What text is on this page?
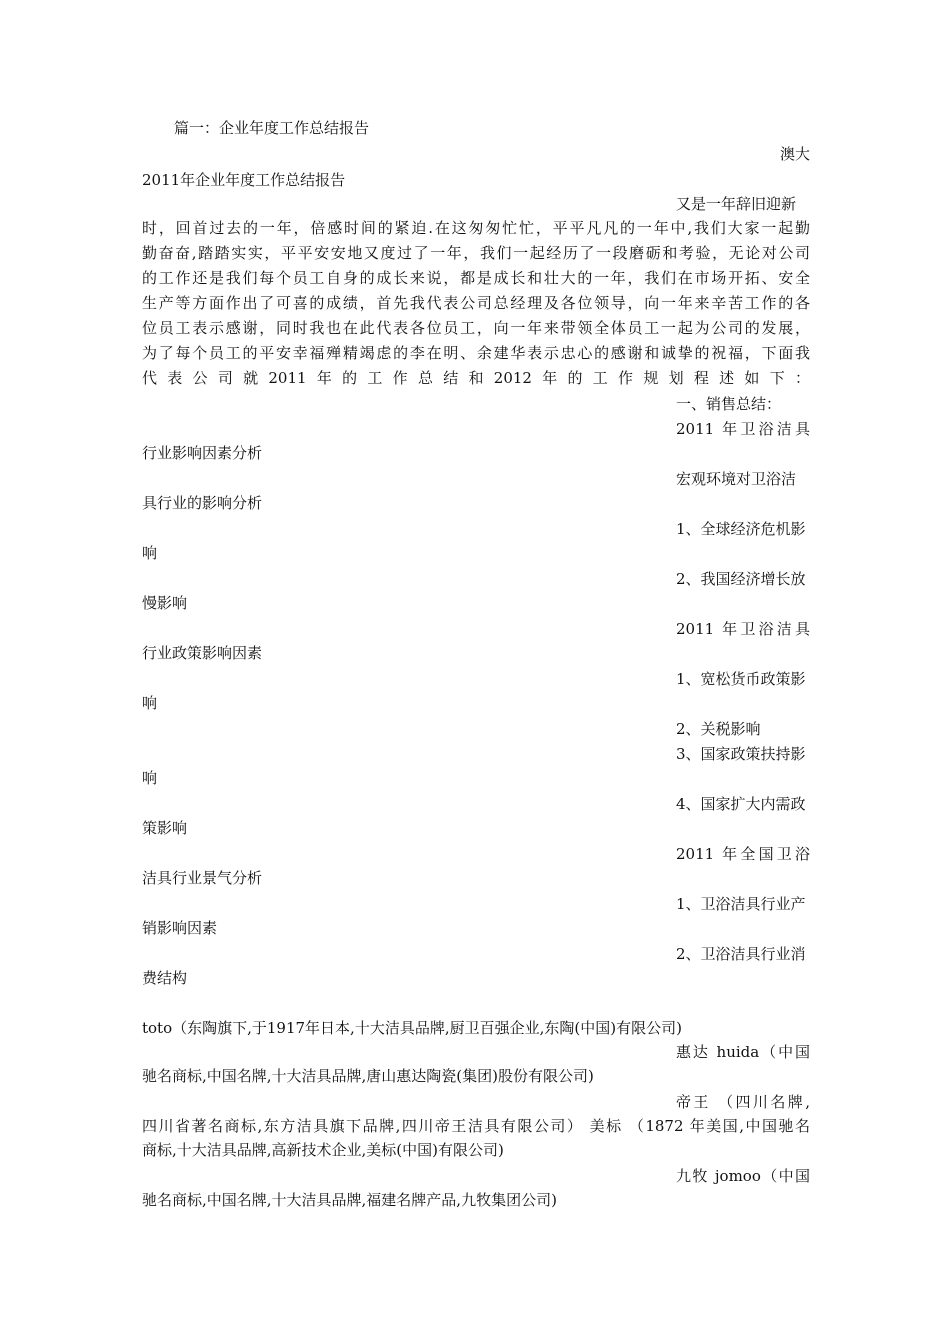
篇一：企业年度工作总结报告
澳大
2011年企业年度工作总结报告
又是一年辞旧迎新
时，回首过去的一年，倍感时间的紧迫.在这匆匆忙忙，平平凡凡的一年中,我们大家一起勤
勤奋奋,踏踏实实，平平安安地又度过了一年，我们一起经历了一段磨砺和考验，无论对公司
的工作还是我们每个员工自身的成长来说，都是成长和壮大的一年，我们在市场开拓、安全
生产等方面作出了可喜的成绩，首先我代表公司总经理及各位领导，向一年来辛苦工作的各
位员工表示感谢，同时我也在此代表各位员工，向一年来带领全体员工一起为公司的发展，
为了每个员工的平安幸福殚精竭虑的李在明、余建华表示忠心的感谢和诚挚的祝福，下面我
代表公司就2011年的工作总结和2012年的工作规划程述如下：
一、销售总结：
2011 年卫浴洁具
行业影响因素分析
宏观环境对卫浴洁
具行业的影响分析
1、全球经济危机影
响
2、我国经济增长放
慢影响
2011 年卫浴洁具
行业政策影响因素
1、宽松货币政策影
响
2、关税影响
3、国家政策扶持影
响
4、国家扩大内需政
策影响
2011 年全国卫浴
洁具行业景气分析
1、卫浴洁具行业产
销影响因素
2、卫浴洁具行业消
费结构
toto（东陶旗下,于1917年日本,十大洁具品牌,厨卫百强企业,东陶(中国)有限公司)
惠达 huida（中国
驰名商标,中国名牌,十大洁具品牌,唐山惠达陶瓷(集团)股份有限公司)
帝王 （四川名牌,
四川省著名商标,东方洁具旗下品牌,四川帝王洁具有限公司） 美标 （1872 年美国,中国驰名
商标,十大洁具品牌,高新技术企业,美标(中国)有限公司)
九牧 jomoo（中国
驰名商标,中国名牌,十大洁具品牌,福建名牌产品,九牧集团公司)
